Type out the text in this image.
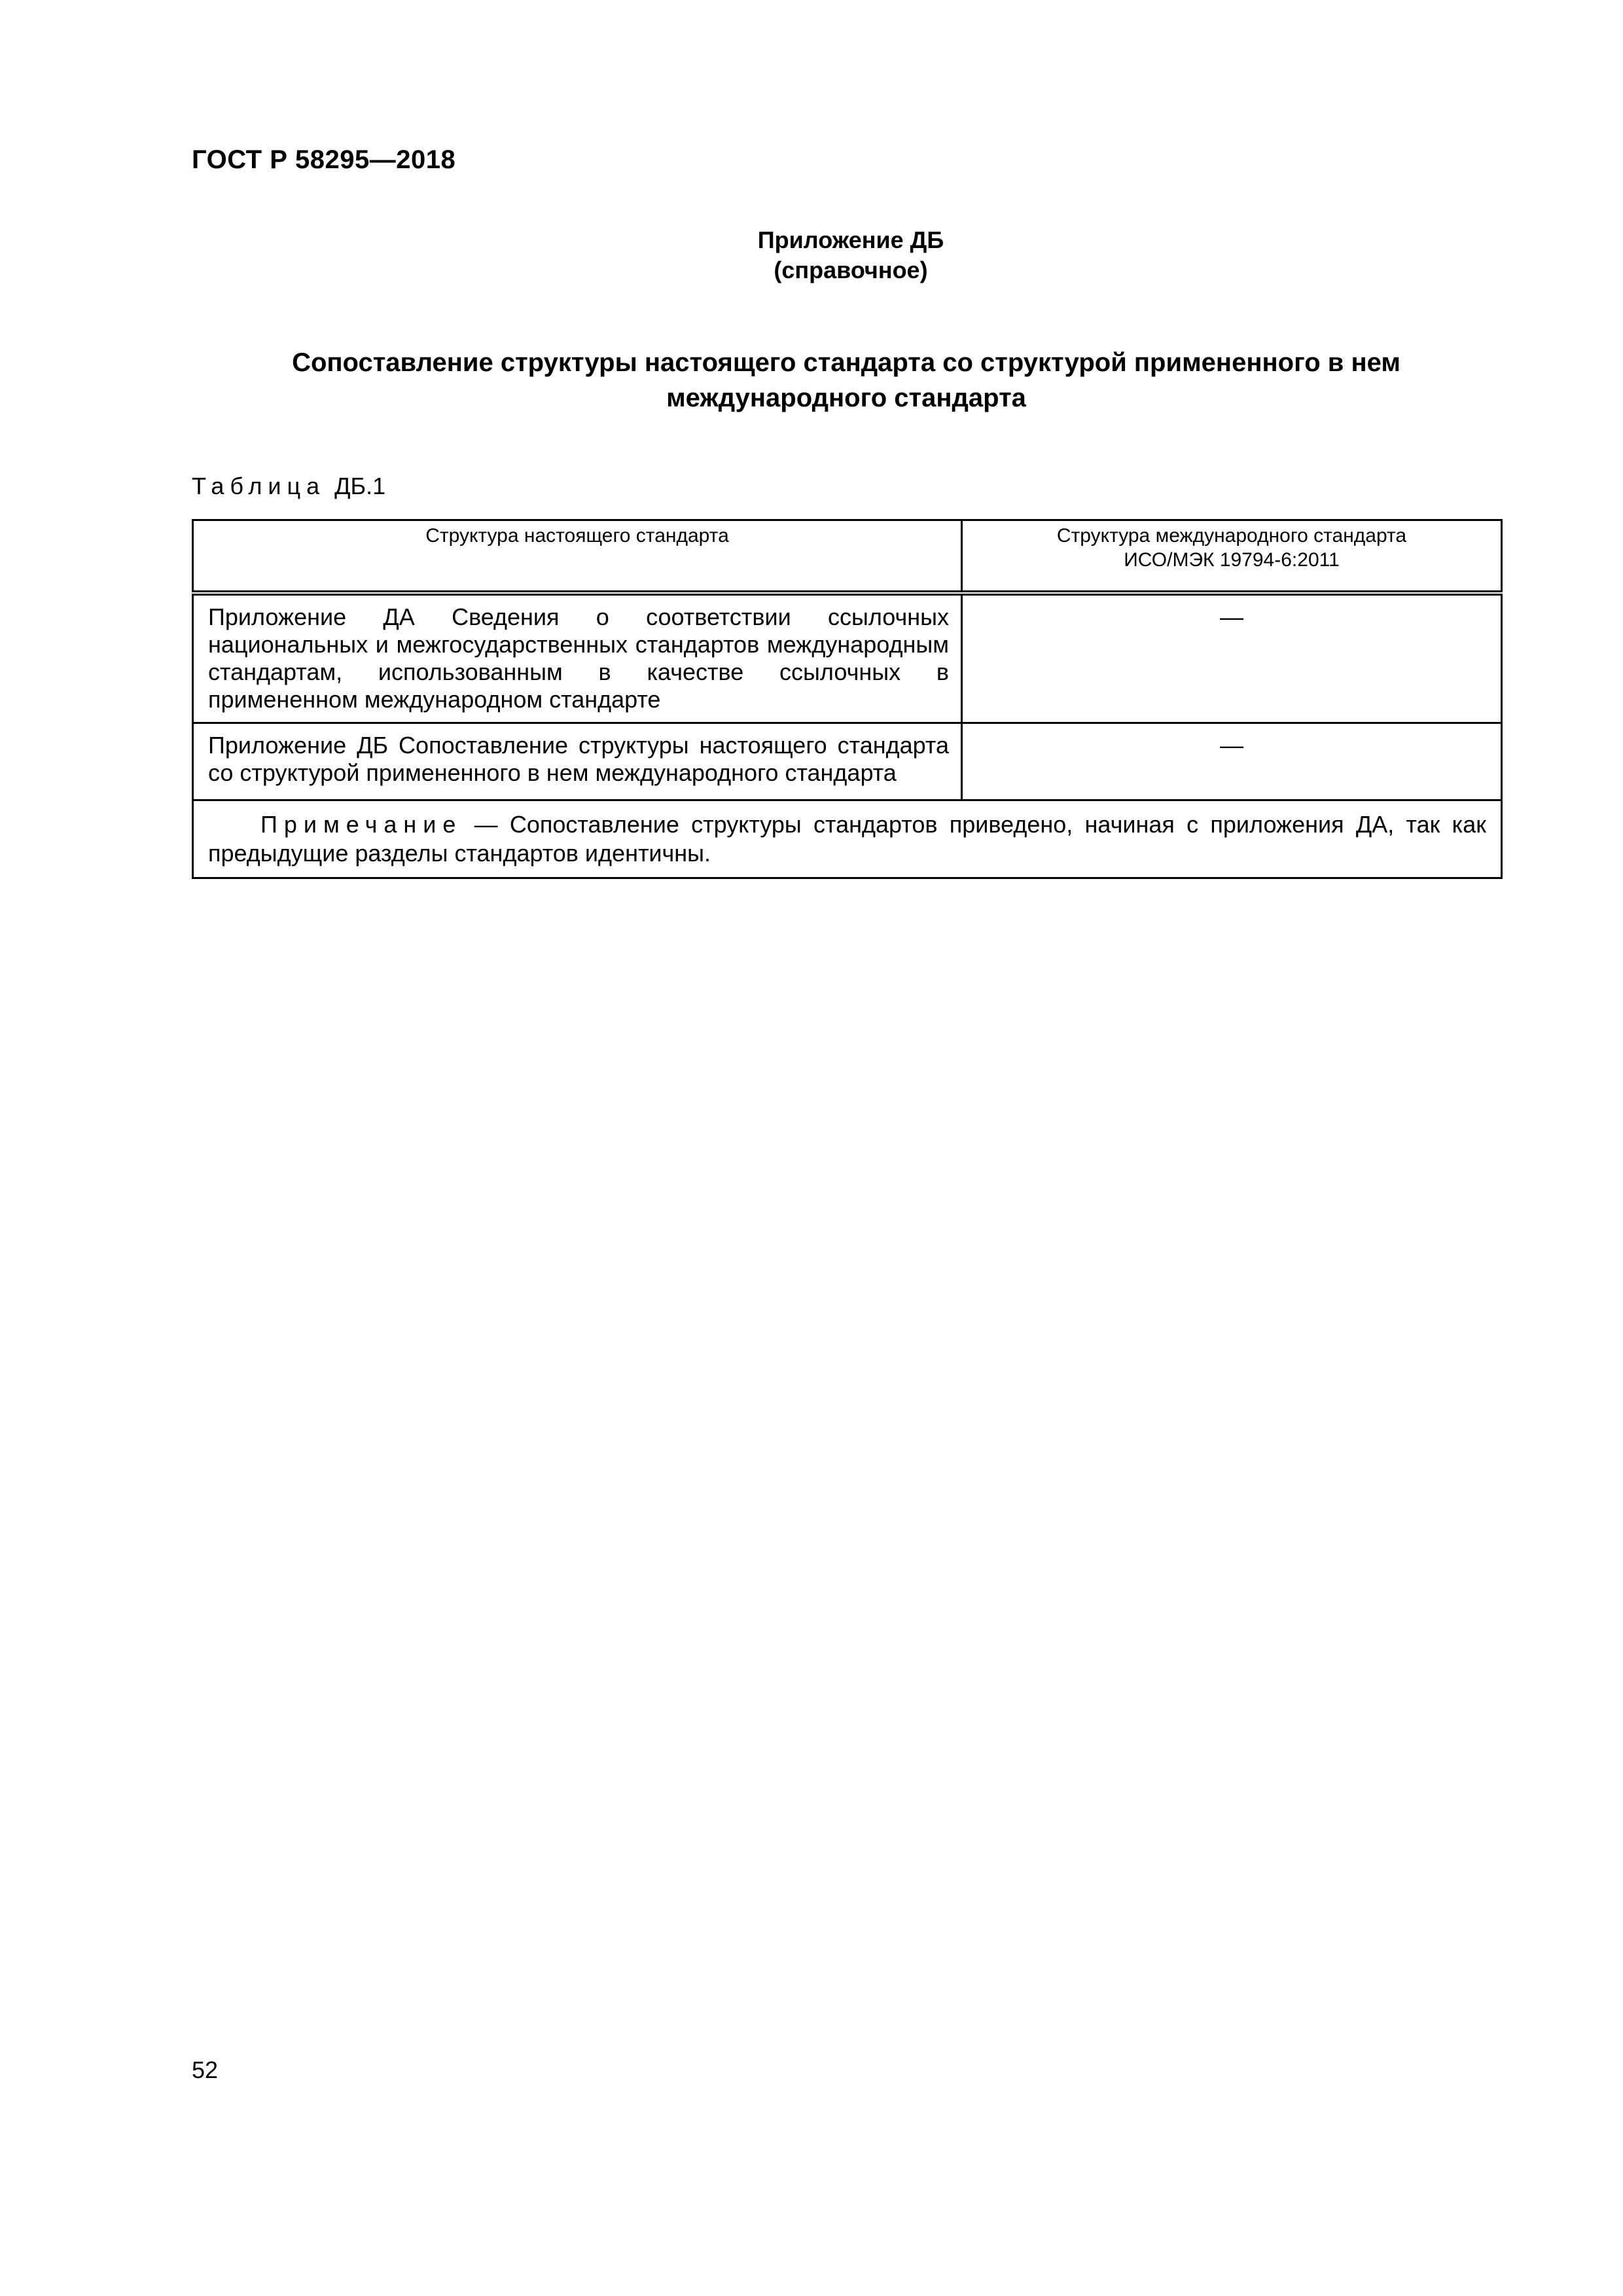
ГОСТ Р 58295—2018
Приложение ДБ
(справочное)
Сопоставление структуры настоящего стандарта со структурой примененного в нем международного стандарта
Таблица ДБ.1
Структура настоящего стандарта	Структура международного стандарта
ИСО/МЭК 19794-6:2011

Приложение ДА Сведения о соответствии ссылочных национальных и межгосударственных стандартов международным стандартам, использованным в качестве ссылочных в примененном международном стандарте	—
Приложение ДБ Сопоставление структуры настоящего стандарта со структурой примененного в нем международного стандарта	—
Примечание — Сопоставление структуры стандартов приведено, начиная с приложения ДА, так как предыдущие разделы стандартов идентичны.	
52
